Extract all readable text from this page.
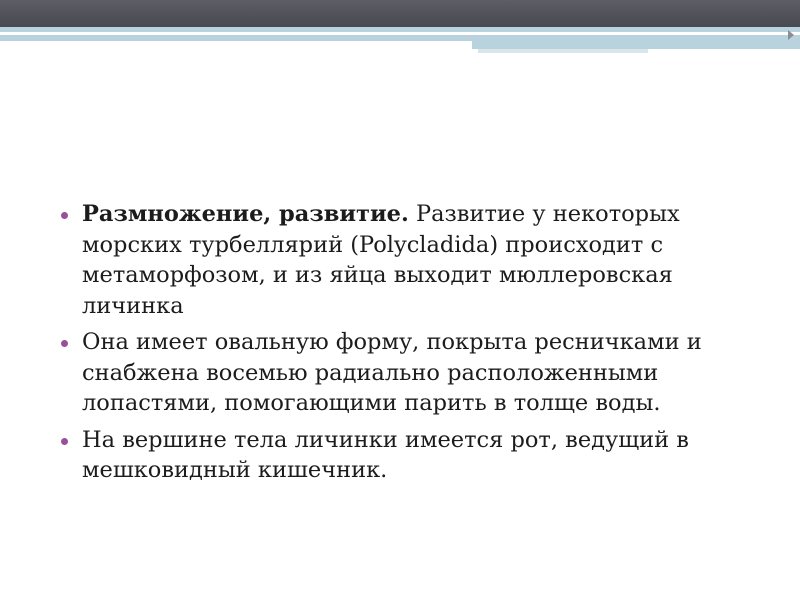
Размножение, развитие. Развитие у некоторых морских турбеллярий (Polycladida) происходит с метаморфозом, и из яйца выходит мюллеровская личинка
Она имеет овальную форму, покрыта ресничками и снабжена восемью радиально расположенными лопастями, помогающими парить в толще воды.
На вершине тела личинки имеется рот, ведущий в мешковидный кишечник.
